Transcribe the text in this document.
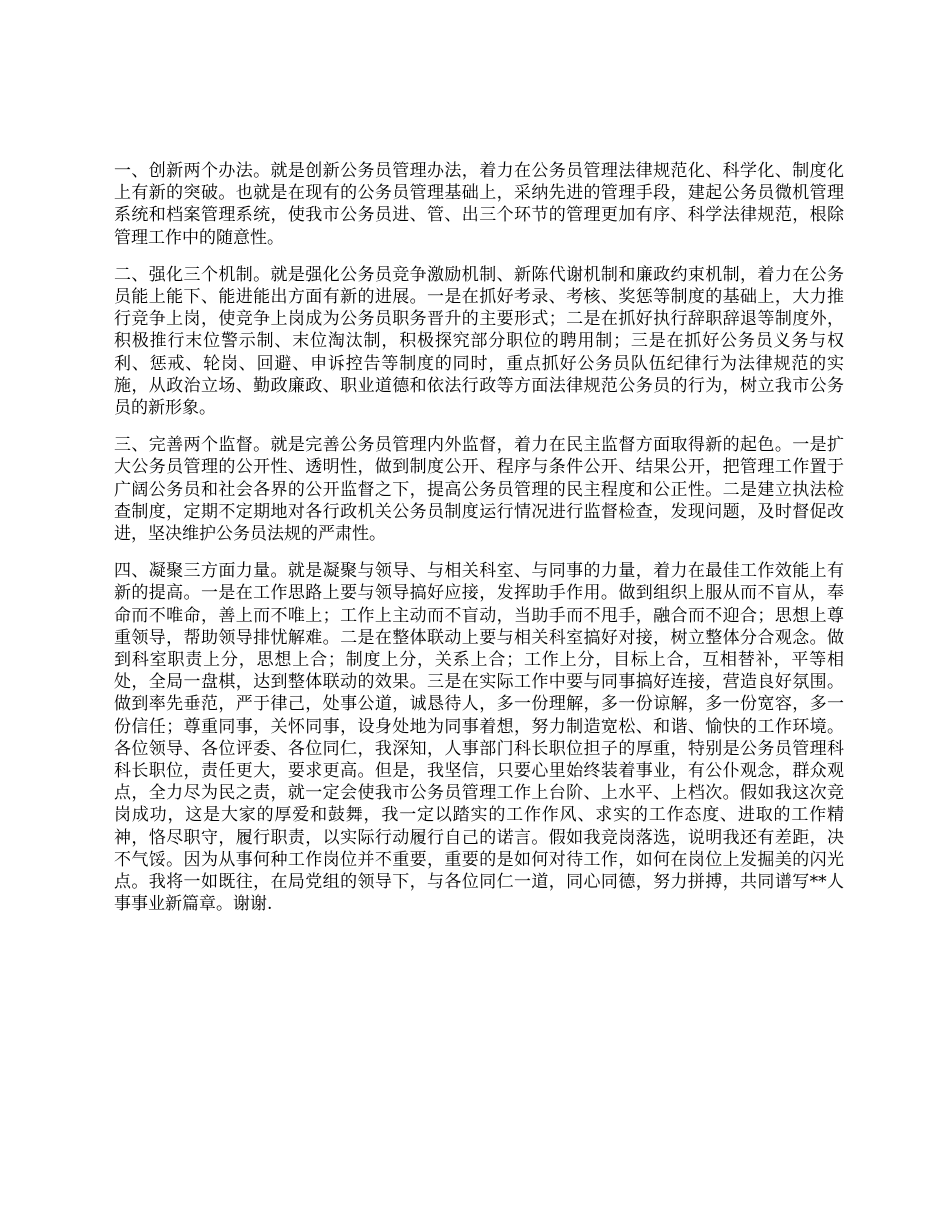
一、创新两个办法。就是创新公务员管理办法，着力在公务员管理法律规范化、科学化、制度化上有新的突破。也就是在现有的公务员管理基础上，采纳先进的管理手段，建起公务员微机管理系统和档案管理系统，使我市公务员进、管、出三个环节的管理更加有序、科学法律规范，根除管理工作中的随意性。

二、强化三个机制。就是强化公务员竞争激励机制、新陈代谢机制和廉政约束机制，着力在公务员能上能下、能进能出方面有新的进展。一是在抓好考录、考核、奖惩等制度的基础上，大力推行竞争上岗，使竞争上岗成为公务员职务晋升的主要形式；二是在抓好执行辞职辞退等制度外，积极推行末位警示制、末位淘汰制，积极探究部分职位的聘用制；三是在抓好公务员义务与权利、惩戒、轮岗、回避、申诉控告等制度的同时，重点抓好公务员队伍纪律行为法律规范的实施，从政治立场、勤政廉政、职业道德和依法行政等方面法律规范公务员的行为，树立我市公务员的新形象。

三、完善两个监督。就是完善公务员管理内外监督，着力在民主监督方面取得新的起色。一是扩大公务员管理的公开性、透明性，做到制度公开、程序与条件公开、结果公开，把管理工作置于广阔公务员和社会各界的公开监督之下，提高公务员管理的民主程度和公正性。二是建立执法检查制度，定期不定期地对各行政机关公务员制度运行情况进行监督检查，发现问题，及时督促改进，坚决维护公务员法规的严肃性。

四、凝聚三方面力量。就是凝聚与领导、与相关科室、与同事的力量，着力在最佳工作效能上有新的提高。一是在工作思路上要与领导搞好应接，发挥助手作用。做到组织上服从而不盲从，奉命而不唯命，善上而不唯上；工作上主动而不盲动，当助手而不甩手，融合而不迎合；思想上尊重领导，帮助领导排忧解难。二是在整体联动上要与相关科室搞好对接，树立整体分合观念。做到科室职责上分，思想上合；制度上分，关系上合；工作上分，目标上合，互相替补，平等相处，全局一盘棋，达到整体联动的效果。三是在实际工作中要与同事搞好连接，营造良好氛围。做到率先垂范，严于律己，处事公道，诚恳待人，多一份理解，多一份谅解，多一份宽容，多一份信任；尊重同事，关怀同事，设身处地为同事着想，努力制造宽松、和谐、愉快的工作环境。 各位领导、各位评委、各位同仁，我深知，人事部门科长职位担子的厚重，特别是公务员管理科科长职位，责任更大，要求更高。但是，我坚信，只要心里始终装着事业，有公仆观念，群众观点，全力尽为民之责，就一定会使我市公务员管理工作上台阶、上水平、上档次。假如我这次竞岗成功，这是大家的厚爱和鼓舞，我一定以踏实的工作作风、求实的工作态度、进取的工作精神，恪尽职守，履行职责，以实际行动履行自己的诺言。假如我竞岗落选，说明我还有差距，决不气馁。因为从事何种工作岗位并不重要，重要的是如何对待工作，如何在岗位上发掘美的闪光点。我将一如既往，在局党组的领导下，与各位同仁一道，同心同德，努力拼搏，共同谱写**人事事业新篇章。谢谢.
